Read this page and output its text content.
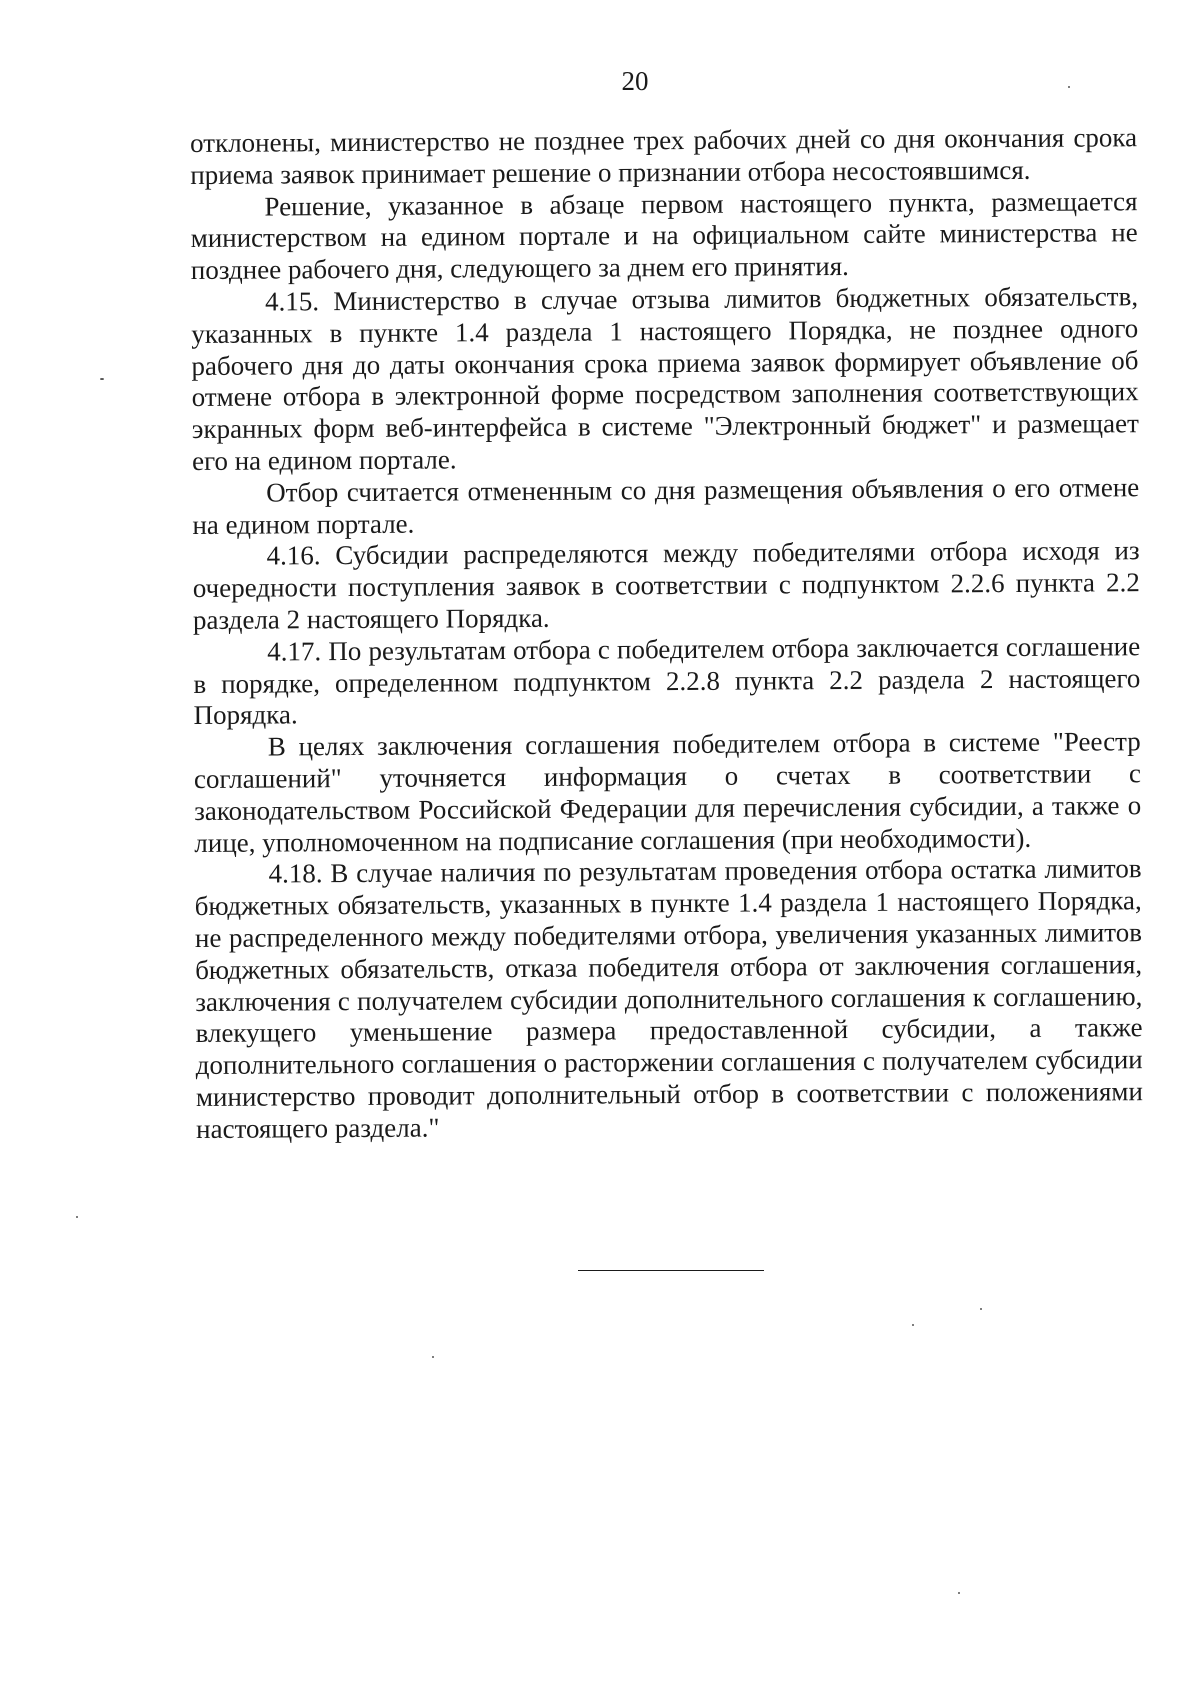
20

отклонены, министерство не позднее трех рабочих дней со дня окончания срока приема заявок принимает решение о признании отбора несостоявшимся.

Решение, указанное в абзаце первом настоящего пункта, размещается министерством на едином портале и на официальном сайте министерства не позднее рабочего дня, следующего за днем его принятия.

4.15. Министерство в случае отзыва лимитов бюджетных обязательств, указанных в пункте 1.4 раздела 1 настоящего Порядка, не позднее одного рабочего дня до даты окончания срока приема заявок формирует объявление об отмене отбора в электронной форме посредством заполнения соответствующих экранных форм веб-интерфейса в системе "Электронный бюджет" и размещает его на едином портале.

Отбор считается отмененным со дня размещения объявления о его отмене на едином портале.

4.16. Субсидии распределяются между победителями отбора исходя из очередности поступления заявок в соответствии с подпунктом 2.2.6 пункта 2.2 раздела 2 настоящего Порядка.

4.17. По результатам отбора с победителем отбора заключается соглашение в порядке, определенном подпунктом 2.2.8 пункта 2.2 раздела 2 настоящего Порядка.

В целях заключения соглашения победителем отбора в системе "Реестр соглашений" уточняется информация о счетах в соответствии с законодательством Российской Федерации для перечисления субсидии, а также о лице, уполномоченном на подписание соглашения (при необходимости).

4.18. В случае наличия по результатам проведения отбора остатка лимитов бюджетных обязательств, указанных в пункте 1.4 раздела 1 настоящего Порядка, не распределенного между победителями отбора, увеличения указанных лимитов бюджетных обязательств, отказа победителя отбора от заключения соглашения, заключения с получателем субсидии дополнительного соглашения к соглашению, влекущего уменьшение размера предоставленной субсидии, а также дополнительного соглашения о расторжении соглашения с получателем субсидии министерство проводит дополнительный отбор в соответствии с положениями настоящего раздела."
